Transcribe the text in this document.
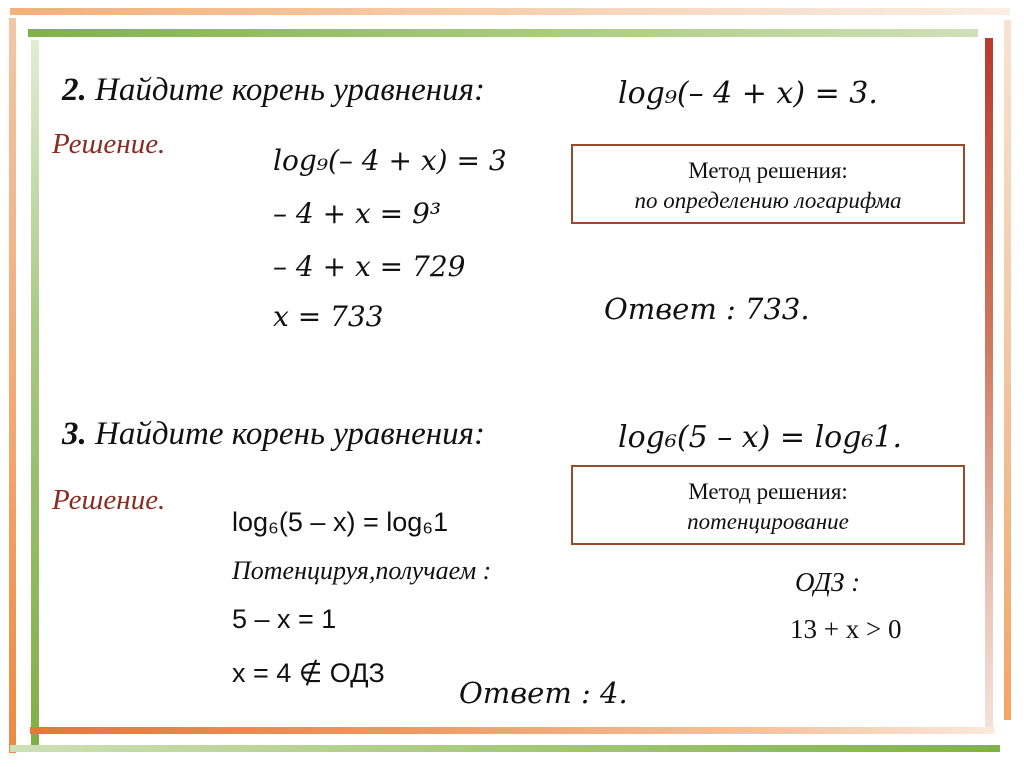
2. Найдите корень уравнения:	log₉(– 4 + x) = 3.
Решение.	log₉(– 4 + x) = 3
– 4 + x = 9³
– 4 + x = 729
x = 733
Метод решения:
по определению логарифма
Ответ : 733.
3. Найдите корень уравнения:	log₆(5 – x) = log₆1.
Решение.	Метод решения:
потенцирование
log₆(5 – x) = log₆1
Потенцируя,получаем :
5 – x = 1
x = 4 ∉ ОДЗ
ОДЗ :
13 + x > 0
Ответ : 4.
